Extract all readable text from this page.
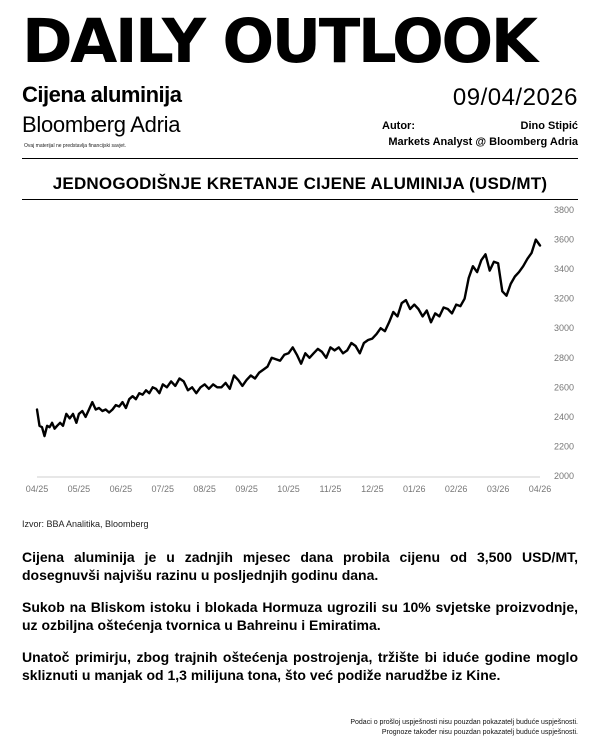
DAILY OUTLOOK
Cijena aluminija
Bloomberg Adria
Ovaj materijal ne predstavlja financijski savjet.
09/04/2026
Autor:	Dino Stipić
Markets Analyst @ Bloomberg Adria
JEDNOGODIŠNJE KRETANJE CIJENE ALUMINIJA (USD/MT)
2000
2200
2400
2600
2800
3000
3200
3400
3600
3800
04/25 05/25 06/25 07/25 08/25 09/25 10/25 11/25 12/25 01/26 02/26 03/26 04/26
Izvor: BBA Analitika, Bloomberg
Cijena aluminija je u zadnjih mjesec dana probila cijenu od 3,500 USD/MT, dosegnuvši najvišu razinu u posljednjih godinu dana.
Sukob na Bliskom istoku i blokada Hormuza ugrozili su 10% svjetske proizvodnje, uz ozbiljna oštećenja tvornica u Bahreinu i Emiratima.
Unatoč primirju, zbog trajnih oštećenja postrojenja, tržište bi iduće godine moglo skliznuti u manjak od 1,3 milijuna tona, što već podiže narudžbe iz Kine.
Podaci o prošloj uspješnosti nisu pouzdan pokazatelj buduće uspješnosti.
Prognoze također nisu pouzdan pokazatelj buduće uspješnosti.
